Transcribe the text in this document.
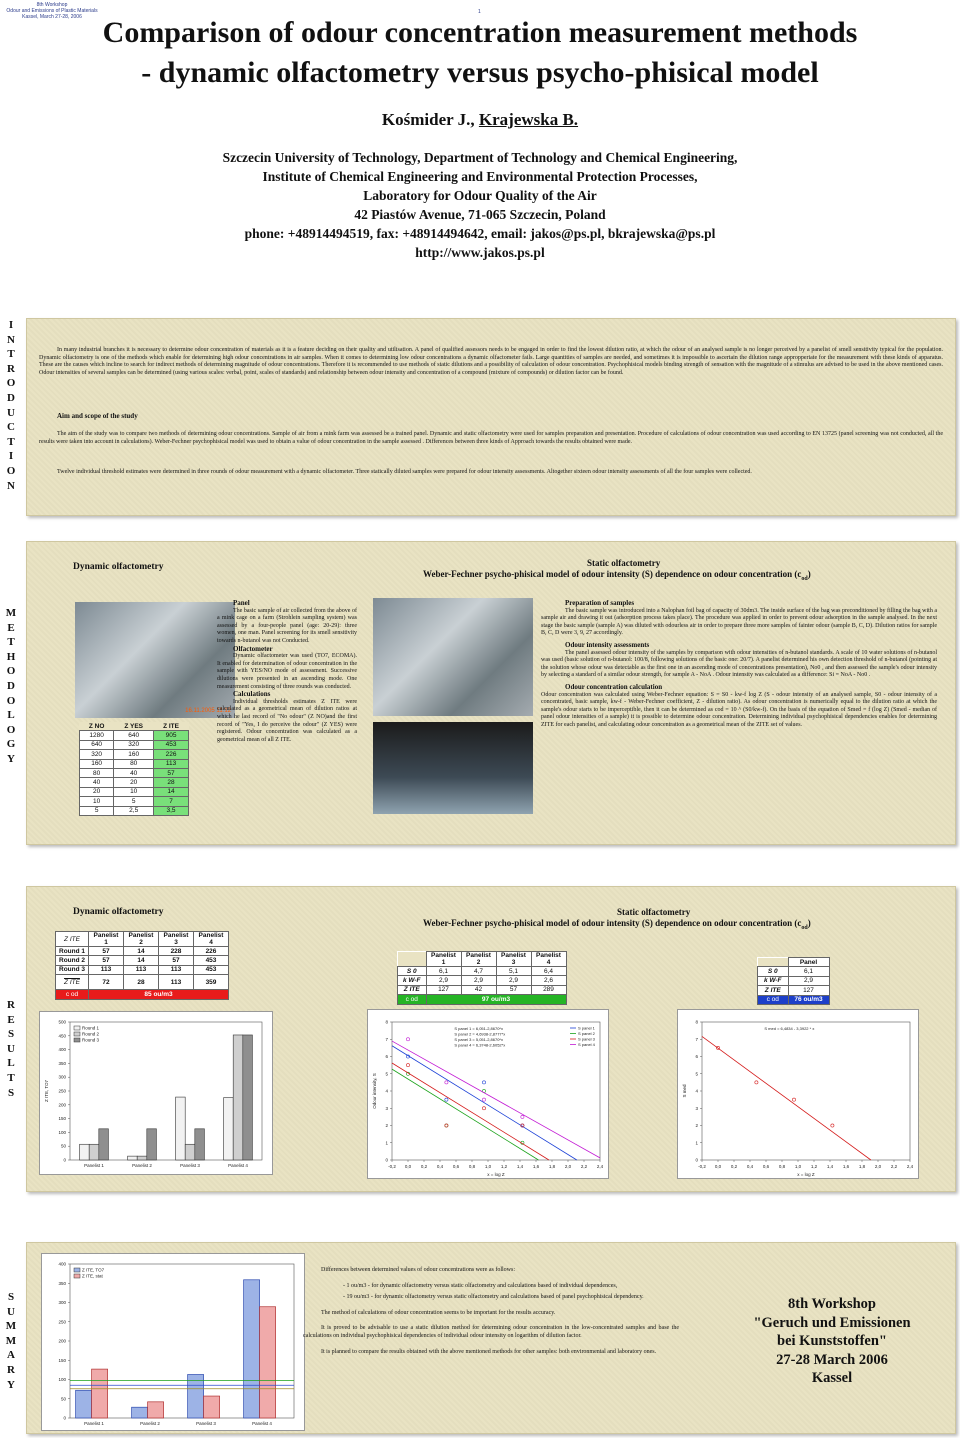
8th Workshop
Odour and Emissions of Plastic Materials
Kassel, March 27-28, 2006
1
Comparison of odour concentration measurement methods
- dynamic olfactometry versus psycho-phisical model
Kośmider J., Krajewska B.
Szczecin University of Technology, Department of Technology and Chemical Engineering,
Institute of Chemical Engineering and Environmental Protection Processes,
Laboratory for Odour Quality of the Air
42 Piastów Avenue, 71-065 Szczecin, Poland
phone: +48914494519, fax: +48914494642, email: jakos@ps.pl, bkrajewska@ps.pl
http://www.jakos.ps.pl
I
N
T
R
O
D
U
C
T
I
O
N
M
E
T
H
O
D
O
L
O
G
Y
R
E
S
U
L
T
S
S
U
M
M
A
R
Y
In many industrial branches it is necessary to determine odour concentration of materials as it is a feature deciding on their quality and utilisation. A panel of qualified assessors needs to be engaged in order to find the lowest dilution ratio, at which the odour of an analysed sample is no longer perceived by a panelist of smell sensitivity typical for the population. Dynamic olfactometry is one of the methods which enable for determining high odour concentrations in air samples. When it comes to determining low odour concentrations a dynamic olfactometer fails. Large quantities of samples are needed, and sometimes it is impossible to ascertain the dilution range appropperiate for the measurement with these kinds of apparatus. These are the causes which incline to search for indirect methods of determining magnitude of odour concentrations. Therefore it is recommended to use methods of static dilutions and a possibility of calculation of odour concentration. Psychophisical models binding strength of sensation with the magnitude of a stimulus are advised to be used in the above mentioned cases. Odour intensities of several samples can be determined (using various scales: verbal, point, scales of standards) and relationship between odour intensity and concentration of a compound (mixture of compounds) or dilution factor can be found.
Aim and scope of the study
The aim of the study was to compare two methods of determining odour concentrations. Sample of air from a mink farm was assessed be a trained panel. Dynamic and static olfactometry were used for samples preparation and presentation. Procedure of calculations of odour concentration was used according to EN 13725 (panel screening was not conducted, all the results were taken into account in calculations). Weber-Fechner psychophisical model was used to obtain a value of odour concentration in the sample assessed . Differences between three kinds of Approach towards the results obtained were made.
Twelve individual threshold estimates were determined in three rounds of odour measurement with a dynamic olfactometer. Three statically diluted samples were prepared for odour intensity assessments. Altogether sixteen odour intensity assessments of all the four samples were collected.
Dynamic olfactometry	Static olfactometry
Weber-Fechner psycho-phisical model of odour intensity (S) dependence on odour concentration $(c_{od})$
16.11.2005 11:12
Z NO	Z YES	Z ITE
1280	640	905
640	320	453
320	160	226
160	80	113
80	40	57
40	20	28
20	10	14
10	5	7
5	2,5	3,5
Panel
The basic sample of air collected from the above of a mink cage on a farm (Strohlein sampling system) was assessed by a four-people panel (age: 20-29): three women, one man. Panel screening for its smell sensitivity towards n-butanol was not Conducted.
Olfactometer
Dynamic olfactometer was used (TO7, ECOMA). It enabled for determination of odour concentration in the sample with YES/NO mode of assessment. Successive dilutions were presented in an ascending mode. One measurement consisting of three rounds was conducted.
Calculations
Individual thresholds estimates Z ITE were calculated as a geometrical mean of dilution ratios at which he last record of "No odour" (Z NO)and the first record of "Yes, I do perceive the odour" (Z YES) were registered. Odour concentration was calculated as a geometrical mean of all Z ITE.
Preparation of samples
The basic sample was introduced into a Nalophan foil bag of capacity of 30dm3. The inside surface of the bag was preconditioned by filling the bag with a sample air and drawing it out (adsorption process takes place). The procedure was applied in order to prevent odour adsorption in the sample analysed. In the next stage the basic sample (sample A) was diluted with odourless air in order to prepare three more samples of fainter odour (sample B, C, D). Dilution ratios for sample B, C, D were 3, 9, 27 accordingly.
Odour intensity assessments
The panel assessed odour intensity of the samples by comparison with odour intensities of n-butanol standards. A scale of 10 water solutions of n-butanol was used (basic solution of n-butanol: 100/8, following solutions of the basic one: 20/7). A panelist determined his own detection threshold of n-butanol (pointing at the solution whose odour was detectable as the first one in an ascending mode of concentrations presentation), No0 , and then assessed the sample's odour intensity by selecting a standard of a similar odour strength, for sample A - NoA . Odour intensity was calculated as a difference: Si = NoA - No0 .
Odour concentration calculation
Odour concentration was calculated using Weber-Fechner equation: S = S0 - kw-f log Z (S - odour intensity of an analysed sample, S0 - odour intensity of a concentrated, basic sample, kw-f - Weber-Fechner coefficient, Z - dilution ratio). As odour concentration is numerically equal to the dilution ratio at which the sample's odour starts to be imperceptible, then it can be determined as cod = 10 ^ (S0/kw-f). On the basis of the equation of Smed = f (log Z) (Smed - median of panel odour intensities of a sample) it is possible to determine odour concentration. Determining individual psychophisical dependencies enables for determining ZITE for each panelist, and calculating odour concentration as a geometrical mean of the ZITE set of values.
Dynamic olfactometry	Static olfactometry
Weber-Fechner psycho-phisical model of odour intensity (S) dependence on odour concentration $(c_{od})$
Z ITE	Panelist 1	Panelist 2	Panelist 3	Panelist 4
Round 1	57	14	228	226
Round 2	57	14	57	453
Round 3	113	113	113	453
Z ITE	72	28	113	359
c od	85 ou/m3			
	Panelist 1	Panelist 2	Panelist 3	Panelist 4
S 0	6,1	4,7	5,1	6,4
k W-F	2,9	2,9	2,9	2,6
Z ITE	127	42	57	289
c od	97 ou/m3			
	Panel
S 0	6,1
k W-F	2,9
Z ITE	127
c od	76 ou/m3
0
50
100
150
200
250
300
350
400
450
500
Z ITE, TO7
Panelist 1	Panelist 2	Panelist 3	Panelist 4
Round 1
Round 2
Round 3
0
1
2
3
4
5
6
7
8
-0,2 0,0 0,2 0,4 0,6 0,8 1,0 1,2 1,4 1,6 1,8 2,0 2,2 2,4
x = log Z
Odour intensity, S
S panel 1 = 6,051-2,8670*x
S panel 2 = 4,6938-2,8777*x
S panel 3 = 5,051-2,8670*x
S panel 4 = 6,3748-2,6052*x
S panel 1
S panel 2
S panel 3
S panel 4
0
1
2
3
4
5
6
7
8
-0,2 0,0 0,2 0,4 0,6 0,8 1,0 1,2 1,4 1,6 1,8 2,0 2,2 2,4
x = log Z
S med
S med = 6,4834 - 3,3922 * x
0
50
100
150
200
250
300
350
400
Panelist 1	Panelist 2	Panelist 3	Panelist 4
Z ITE, TO7
Z ITE, stat
Differences between determined values of odour concentrations were as follows:
- 1 ou/m3 - for dynamic olfactometry versus static olfactometry and calculations based of individual dependences,
- 19 ou/m3 - for dynamic olfactometry versus static olfactometry and calculations based of panel psychophisical dependency.
The method of calculations of odour concentration seems to be important for the results accuracy.
It is proved to be advisable to use a static dilution method for determining odour concentration in the low-concentrated samples and base the calculations on individual psychophisical dependencies of individual odour intensity on logarithm of dilution factor.
It is planned to compare the results obtained with the above mentioned methods for other samples: both environmental and laboratory ones.
8th Workshop
"Geruch und Emissionen
bei Kunststoffen"
27-28 March 2006
Kassel
